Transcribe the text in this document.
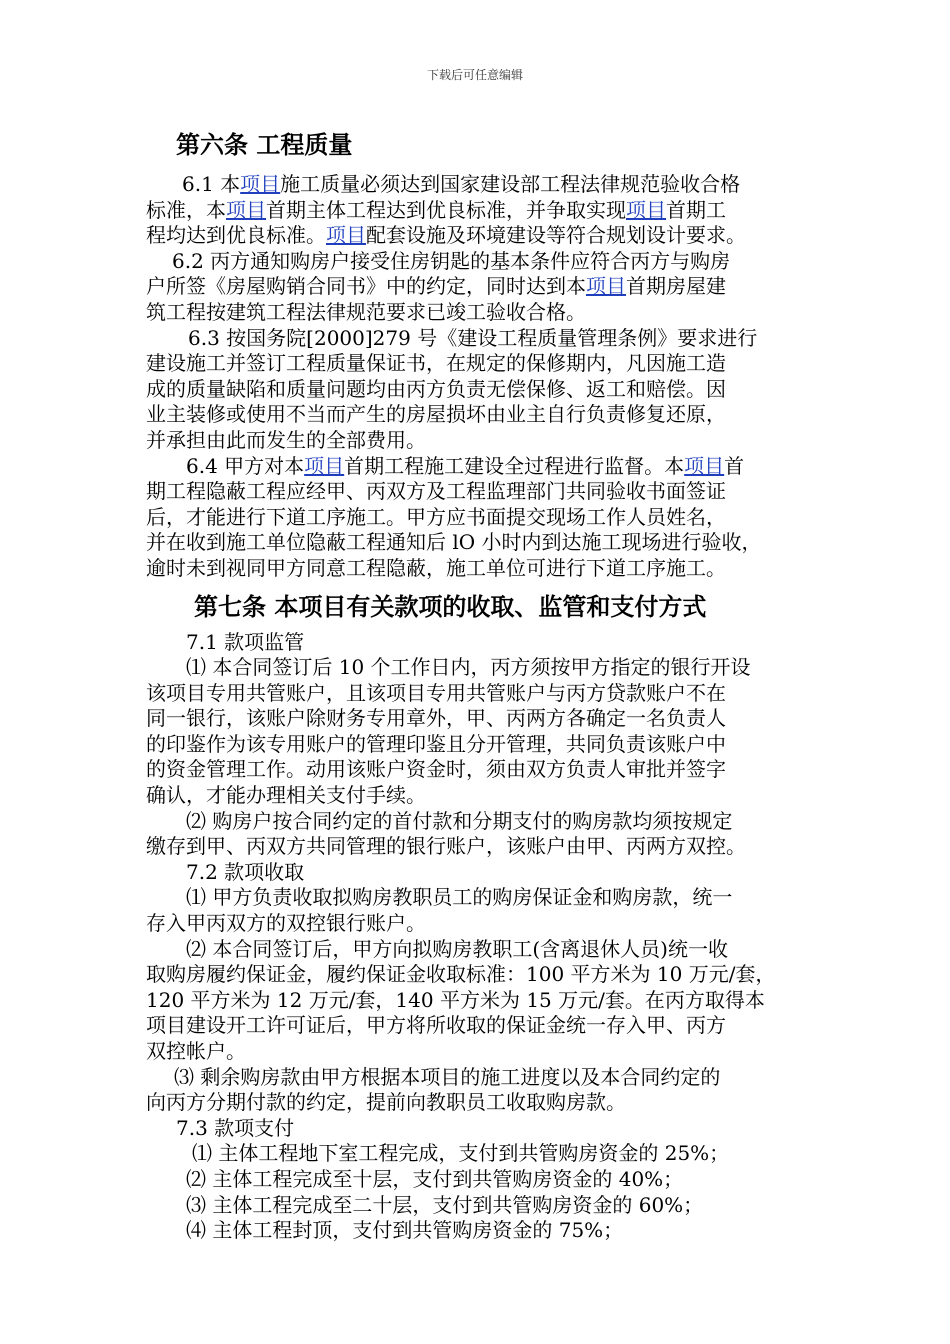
下载后可任意编辑

第六条 工程质量

6.1 本项目施工质量必须达到国家建设部工程法律规范验收合格

标准，本项目首期主体工程达到优良标准，并争取实现项目首期工

程均达到优良标准。项目配套设施及环境建设等符合规划设计要求。

6.2 丙方通知购房户接受住房钥匙的基本条件应符合丙方与购房

户所签《房屋购销合同书》中的约定，同时达到本项目首期房屋建

筑工程按建筑工程法律规范要求已竣工验收合格。

6.3 按国务院[2000]279 号《建设工程质量管理条例》要求进行

建设施工并签订工程质量保证书，在规定的保修期内，凡因施工造

成的质量缺陷和质量问题均由丙方负责无偿保修、返工和赔偿。因

业主装修或使用不当而产生的房屋损坏由业主自行负责修复还原，

并承担由此而发生的全部费用。

6.4 甲方对本项目首期工程施工建设全过程进行监督。本项目首

期工程隐蔽工程应经甲、丙双方及工程监理部门共同验收书面签证

后，才能进行下道工序施工。甲方应书面提交现场工作人员姓名，

并在收到施工单位隐蔽工程通知后 lO 小时内到达施工现场进行验收，

逾时未到视同甲方同意工程隐蔽，施工单位可进行下道工序施工。

第七条 本项目有关款项的收取、监管和支付方式

7.1 款项监管

⑴ 本合同签订后 10 个工作日内，丙方须按甲方指定的银行开设

该项目专用共管账户，且该项目专用共管账户与丙方贷款账户不在

同一银行，该账户除财务专用章外，甲、丙两方各确定一名负责人

的印鉴作为该专用账户的管理印鉴且分开管理，共同负责该账户中

的资金管理工作。动用该账户资金时，须由双方负责人审批并签字

确认，才能办理相关支付手续。

⑵ 购房户按合同约定的首付款和分期支付的购房款均须按规定

缴存到甲、丙双方共同管理的银行账户，该账户由甲、丙两方双控。

7.2 款项收取

⑴ 甲方负责收取拟购房教职员工的购房保证金和购房款，统一

存入甲丙双方的双控银行账户。

⑵ 本合同签订后，甲方向拟购房教职工(含离退休人员)统一收

取购房履约保证金，履约保证金收取标准：100 平方米为 10 万元/套，

120 平方米为 12 万元/套，140 平方米为 15 万元/套。在丙方取得本

项目建设开工许可证后，甲方将所收取的保证金统一存入甲、丙方

双控帐户。

⑶ 剩余购房款由甲方根据本项目的施工进度以及本合同约定的

向丙方分期付款的约定，提前向教职员工收取购房款。

7.3 款项支付

⑴ 主体工程地下室工程完成，支付到共管购房资金的 25%；

⑵ 主体工程完成至十层，支付到共管购房资金的 40%；

⑶ 主体工程完成至二十层，支付到共管购房资金的 60%；

⑷ 主体工程封顶，支付到共管购房资金的 75%；
